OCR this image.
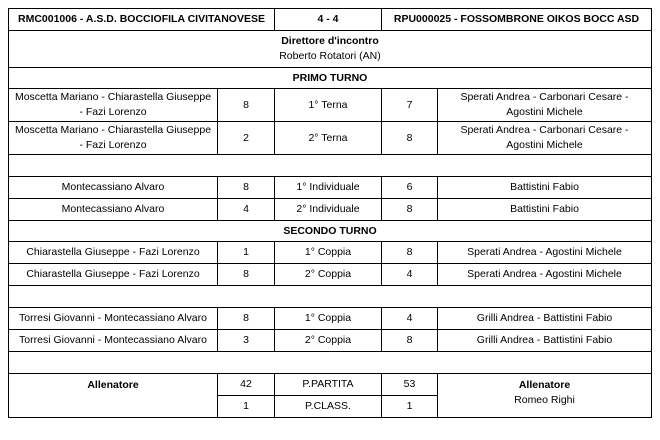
RMC001006 - A.S.D. BOCCIOFILA CIVITANOVESE		4 - 4	RPU000025 - FOSSOMBRONE OIKOS BOCC ASD	

Direttore d'incontro
Roberto Rotatori (AN)				

PRIMO TURNO				
Moscetta Mariano - Chiarastella Giuseppe - Fazi Lorenzo	8	1° Terna	7	Sperati Andrea - Carbonari Cesare - Agostini Michele
Moscetta Mariano - Chiarastella Giuseppe - Fazi Lorenzo	2	2° Terna	8	Sperati Andrea - Carbonari Cesare - Agostini Michele

Montecassiano Alvaro	8	1° Individuale	6	Battistini Fabio
Montecassiano Alvaro	4	2° Individuale	8	Battistini Fabio
SECONDO TURNO				
Chiarastella Giuseppe - Fazi Lorenzo	1	1° Coppia	8	Sperati Andrea - Agostini Michele
Chiarastella Giuseppe - Fazi Lorenzo	8	2° Coppia	4	Sperati Andrea - Agostini Michele

Torresi Giovanni - Montecassiano Alvaro	8	1° Coppia	4	Grilli Andrea - Battistini Fabio
Torresi Giovanni - Montecassiano Alvaro	3	2° Coppia	8	Grilli Andrea - Battistini Fabio

Allenatore	42	P.PARTITA	53	Allenatore
Romeo Righi

	1	P.CLASS.	1	
